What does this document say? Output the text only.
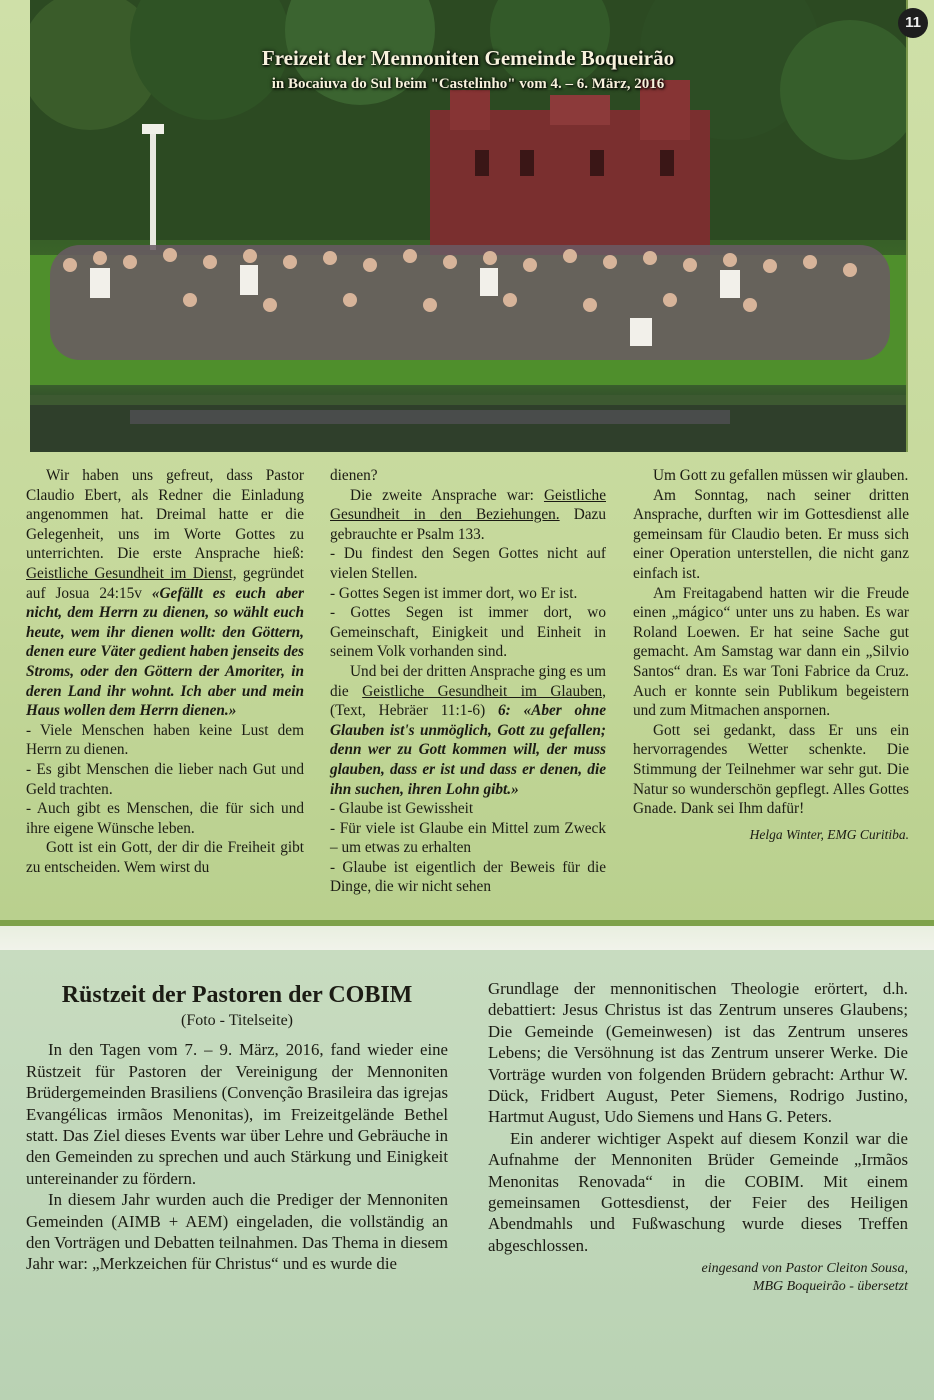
Freizeit der Mennoniten Gemeinde Boqueirão
in Bocaiuva do Sul beim "Castelinho" vom 4. – 6. März, 2016
11

Wir haben uns gefreut, dass Pastor Claudio Ebert, als Redner die Einladung angenommen hat. Dreimal hatte er die Gelegenheit, uns im Worte Gottes zu unterrichten. Die erste Ansprache hieß: Geistliche Gesundheit im Dienst, gegründet auf Josua 24:15v «Gefällt es euch aber nicht, dem Herrn zu dienen, so wählt euch heute, wem ihr dienen wollt: den Göttern, denen eure Väter gedient haben jenseits des Stroms, oder den Göttern der Amoriter, in deren Land ihr wohnt. Ich aber und mein Haus wollen dem Herrn dienen.»

- Viele Menschen haben keine Lust dem Herrn zu dienen.

- Es gibt Menschen die lieber nach Gut und Geld trachten.

- Auch gibt es Menschen, die für sich und ihre eigene Wünsche leben.

Gott ist ein Gott, der dir die Freiheit gibt zu entscheiden. Wem wirst du

dienen?

Die zweite Ansprache war: Geistliche Gesundheit in den Beziehungen. Dazu gebrauchte er Psalm 133.

- Du findest den Segen Gottes nicht auf vielen Stellen.

- Gottes Segen ist immer dort, wo Er ist.

- Gottes Segen ist immer dort, wo Gemeinschaft, Einigkeit und Einheit in seinem Volk vorhanden sind.

Und bei der dritten Ansprache ging es um die Geistliche Gesundheit im Glauben, (Text, Hebräer 11:1-6) 6: «Aber ohne Glauben ist's unmöglich, Gott zu gefallen; denn wer zu Gott kommen will, der muss glauben, dass er ist und dass er denen, die ihn suchen, ihren Lohn gibt.»

- Glaube ist Gewissheit

- Für viele ist Glaube ein Mittel zum Zweck – um etwas zu erhalten

- Glaube ist eigentlich der Beweis für die Dinge, die wir nicht sehen

Um Gott zu gefallen müssen wir glauben.

Am Sonntag, nach seiner dritten Ansprache, durften wir im Gottesdienst alle gemeinsam für Claudio beten. Er muss sich einer Operation unterstellen, die nicht ganz einfach ist.

Am Freitagabend hatten wir die Freude einen „mágico“ unter uns zu haben. Es war Roland Loewen. Er hat seine Sache gut gemacht. Am Samstag war dann ein „Silvio Santos“ dran. Es war Toni Fabrice da Cruz. Auch er konnte sein Publikum begeistern und zum Mitmachen anspornen.

Gott sei gedankt, dass Er uns ein hervorragendes Wetter schenkte. Die Stimmung der Teilnehmer war sehr gut. Die Natur so wunderschön gepflegt. Alles Gottes Gnade. Dank sei Ihm dafür!

Helga Winter, EMG Curitiba.

Rüstzeit der Pastoren der COBIM

(Foto - Titelseite)

In den Tagen vom 7. – 9. März, 2016, fand wieder eine Rüstzeit für Pastoren der Vereinigung der Mennoniten Brüdergemeinden Brasiliens (Convenção Brasileira das igrejas Evangélicas irmãos Menonitas), im Freizeitgelände Bethel statt. Das Ziel dieses Events war über Lehre und Gebräuche in den Gemeinden zu sprechen und auch Stärkung und Einigkeit untereinander zu fördern.

In diesem Jahr wurden auch die Prediger der Mennoniten Gemeinden (AIMB + AEM) eingeladen, die vollständig an den Vorträgen und Debatten teilnahmen. Das Thema in diesem Jahr war: „Merkzeichen für Christus“ und es wurde die

Grundlage der mennonitischen Theologie erörtert, d.h. debattiert: Jesus Christus ist das Zentrum unseres Glaubens; Die Gemeinde (Gemeinwesen) ist das Zentrum unseres Lebens; die Versöhnung ist das Zentrum unserer Werke. Die Vorträge wurden von folgenden Brüdern gebracht: Arthur W. Dück, Fridbert August, Peter Siemens, Rodrigo Justino, Hartmut August, Udo Siemens und Hans G. Peters.

Ein anderer wichtiger Aspekt auf diesem Konzil war die Aufnahme der Mennoniten Brüder Gemeinde „Irmãos Menonitas Renovada“ in die COBIM. Mit einem gemeinsamen Gottesdienst, der Feier des Heiligen Abendmahls und Fußwaschung wurde dieses Treffen abgeschlossen.

eingesand von Pastor Cleiton Sousa,

MBG Boqueirão - übersetzt
